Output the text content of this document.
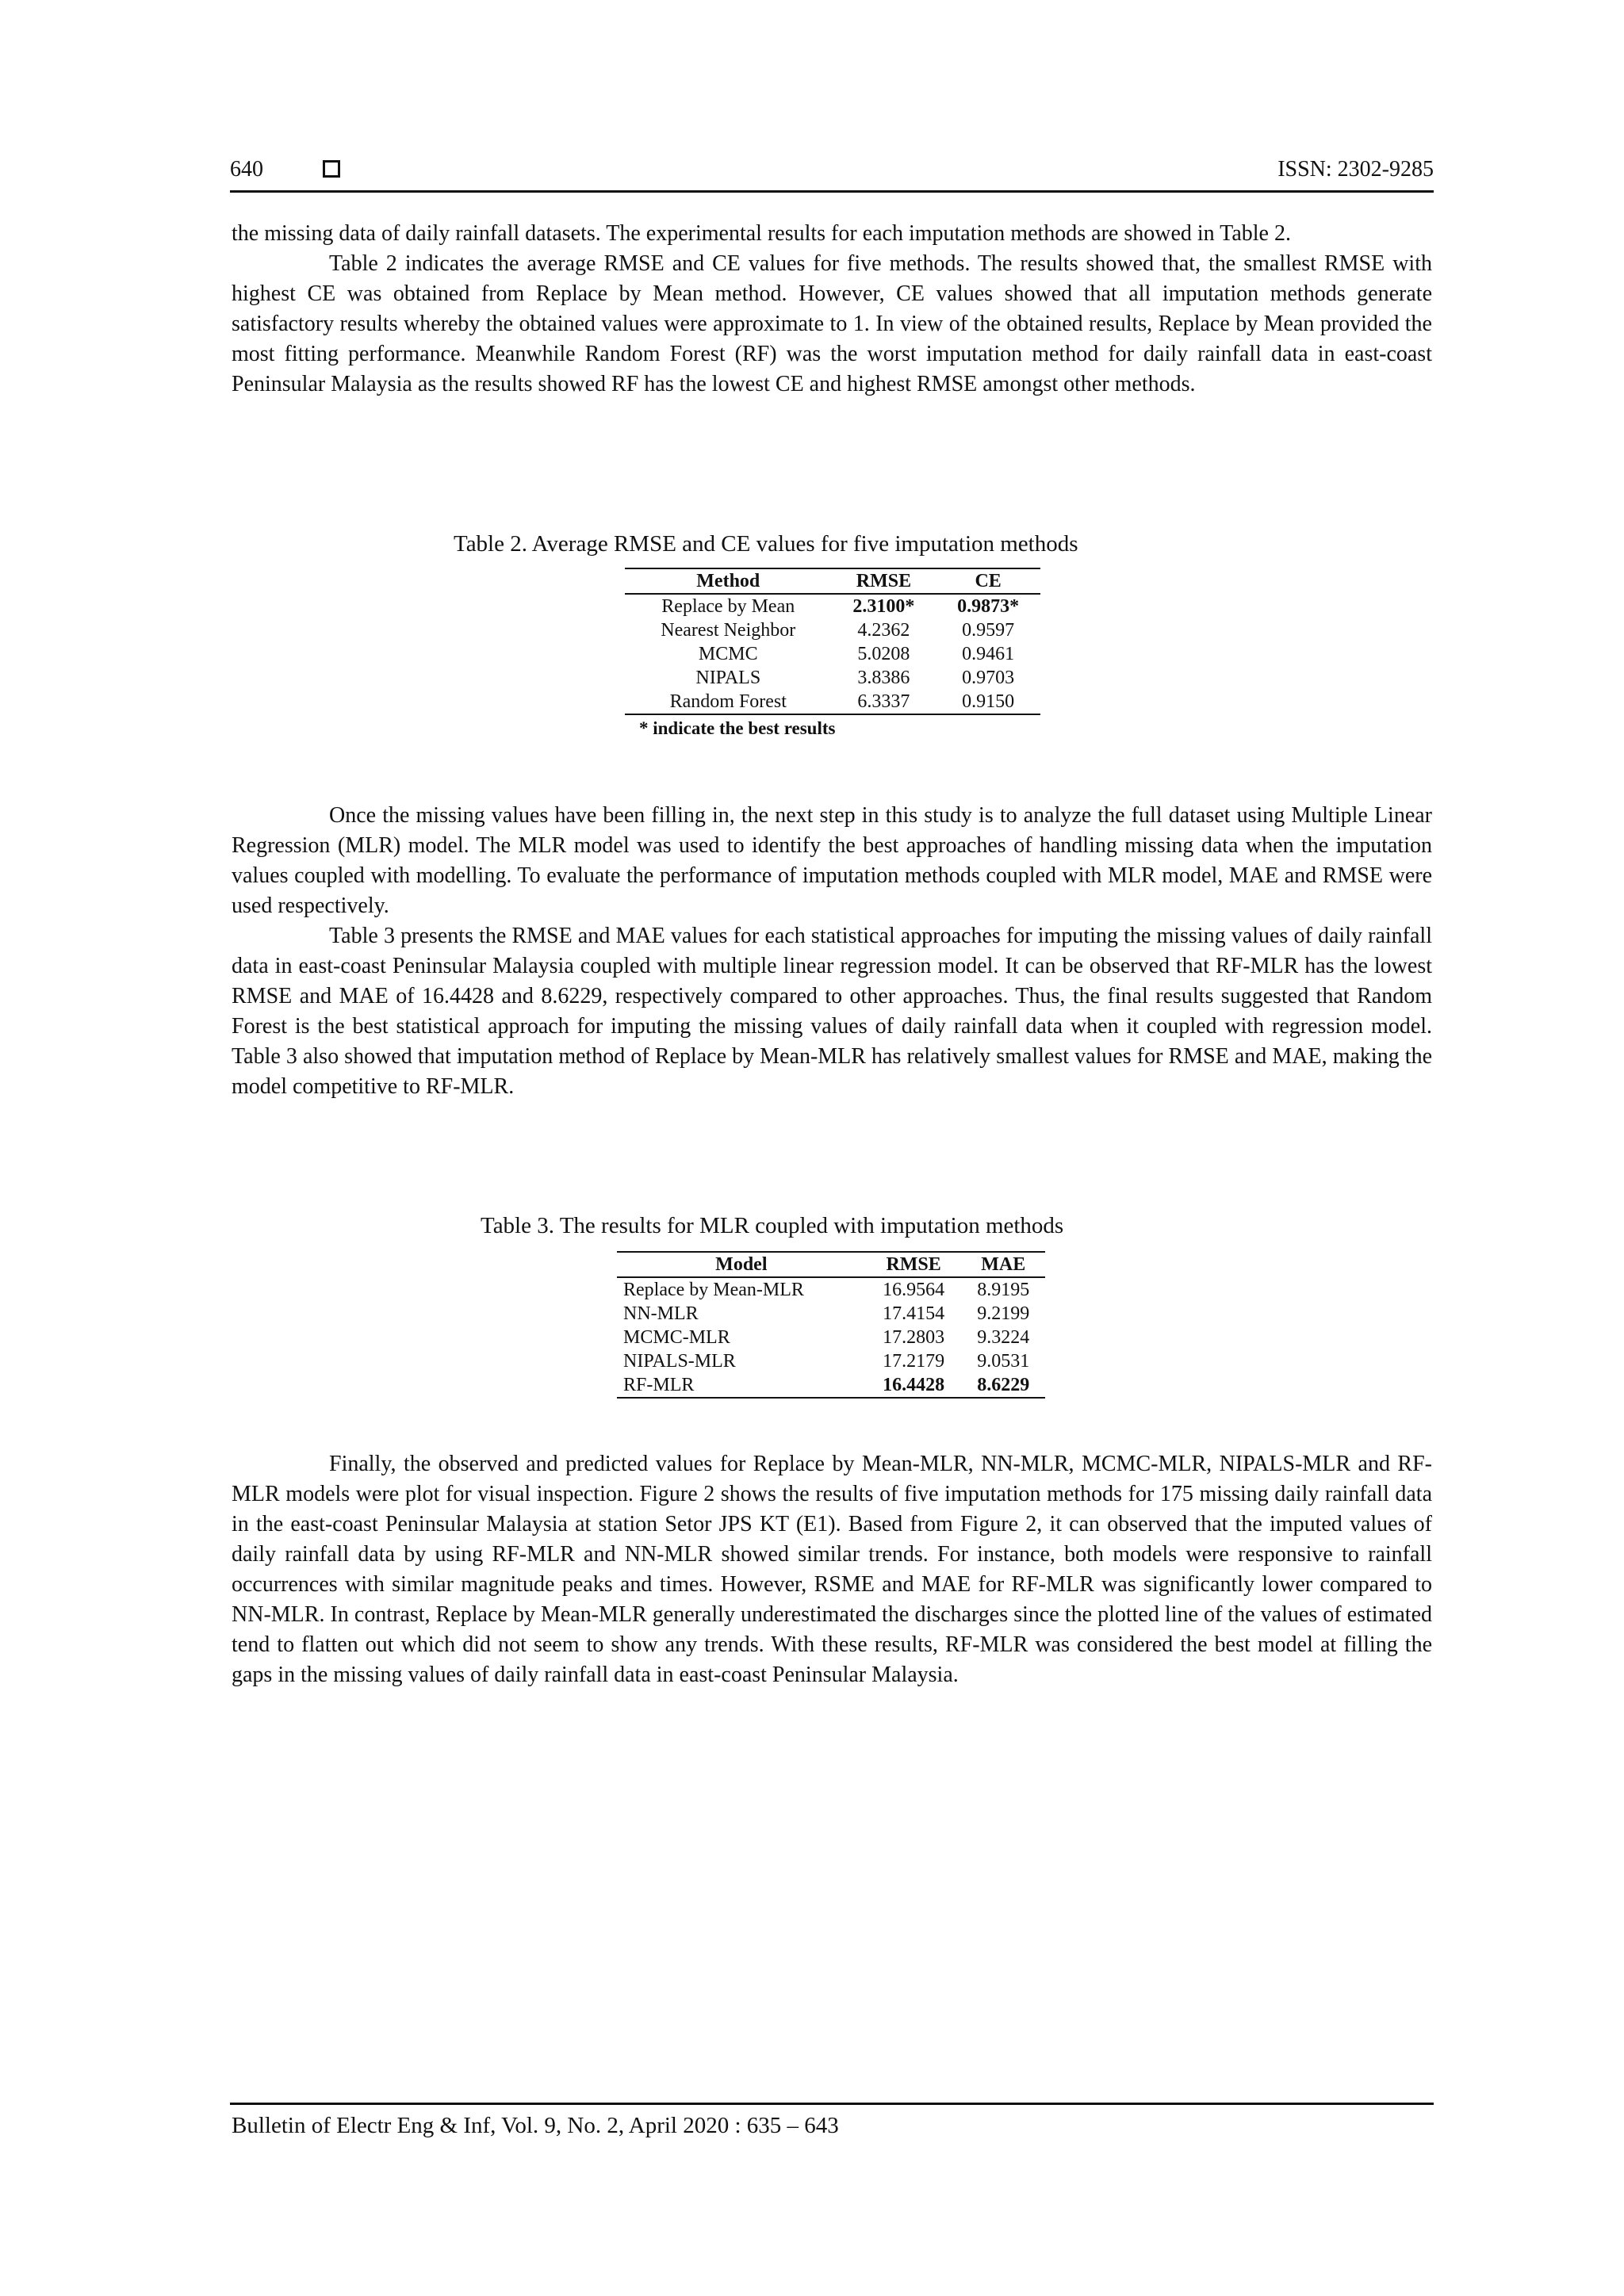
640	ISSN: 2302-9285

the missing data of daily rainfall datasets. The experimental results for each imputation methods are showed in Table 2.

Table 2 indicates the average RMSE and CE values for five methods. The results showed that, the smallest RMSE with highest CE was obtained from Replace by Mean method. However, CE values showed that all imputation methods generate satisfactory results whereby the obtained values were approximate to 1. In view of the obtained results, Replace by Mean provided the most fitting performance. Meanwhile Random Forest (RF) was the worst imputation method for daily rainfall data in east-coast Peninsular Malaysia as the results showed RF has the lowest CE and highest RMSE amongst other methods.

Table 2. Average RMSE and CE values for five imputation methods
Method	RMSE	CE
Replace by Mean	2.3100*	0.9873*
Nearest Neighbor	4.2362	0.9597
MCMC	5.0208	0.9461
NIPALS	3.8386	0.9703
Random Forest	6.3337	0.9150
* indicate the best results

Once the missing values have been filling in, the next step in this study is to analyze the full dataset using Multiple Linear Regression (MLR) model. The MLR model was used to identify the best approaches of handling missing data when the imputation values coupled with modelling. To evaluate the performance of imputation methods coupled with MLR model, MAE and RMSE were used respectively.

Table 3 presents the RMSE and MAE values for each statistical approaches for imputing the missing values of daily rainfall data in east-coast Peninsular Malaysia coupled with multiple linear regression model. It can be observed that RF-MLR has the lowest RMSE and MAE of 16.4428 and 8.6229, respectively compared to other approaches. Thus, the final results suggested that Random Forest is the best statistical approach for imputing the missing values of daily rainfall data when it coupled with regression model. Table 3 also showed that imputation method of Replace by Mean-MLR has relatively smallest values for RMSE and MAE, making the model competitive to RF-MLR.

Table 3. The results for MLR coupled with imputation methods
Model	RMSE	MAE
Replace by Mean-MLR	16.9564	8.9195
NN-MLR	17.4154	9.2199
MCMC-MLR	17.2803	9.3224
NIPALS-MLR	17.2179	9.0531
RF-MLR	16.4428	8.6229

Finally, the observed and predicted values for Replace by Mean-MLR, NN-MLR, MCMC-MLR, NIPALS-MLR and RF-MLR models were plot for visual inspection. Figure 2 shows the results of five imputation methods for 175 missing daily rainfall data in the east-coast Peninsular Malaysia at station Setor JPS KT (E1). Based from Figure 2, it can observed that the imputed values of daily rainfall data by using RF-MLR and NN-MLR showed similar trends. For instance, both models were responsive to rainfall occurrences with similar magnitude peaks and times. However, RSME and MAE for RF-MLR was significantly lower compared to NN-MLR. In contrast, Replace by Mean-MLR generally underestimated the discharges since the plotted line of the values of estimated tend to flatten out which did not seem to show any trends. With these results, RF-MLR was considered the best model at filling the gaps in the missing values of daily rainfall data in east-coast Peninsular Malaysia.

Bulletin of Electr Eng & Inf, Vol. 9, No. 2, April 2020 : 635 – 643
